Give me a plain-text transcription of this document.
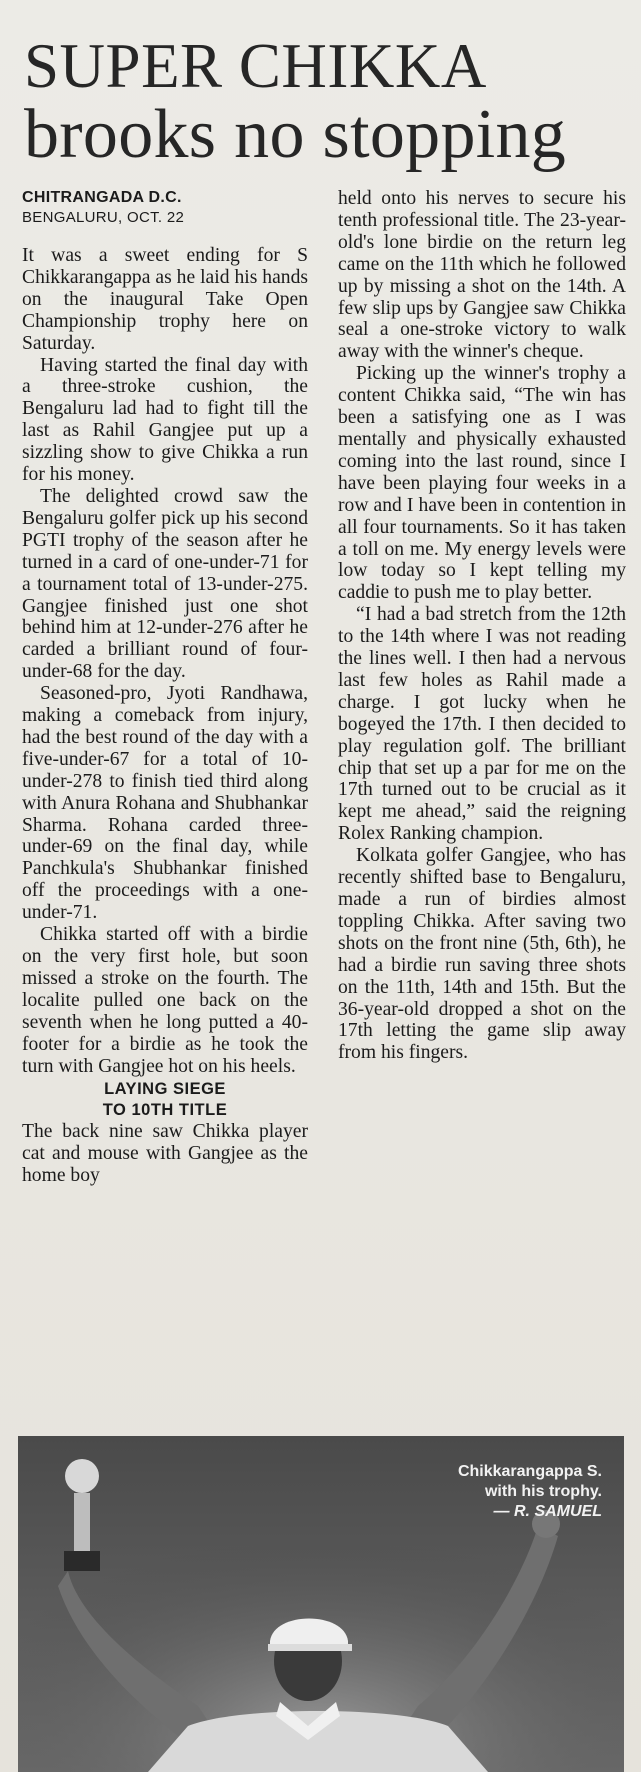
SUPER CHIKKA
brooks no stopping
CHITRANGADA D.C.
BENGALURU, OCT. 22

It was a sweet ending for S Chikkarangappa as he laid his hands on the inaugural Take Open Championship trophy here on Saturday.

Having started the final day with a three-stroke cushion, the Bengaluru lad had to fight till the last as Rahil Gangjee put up a sizzling show to give Chikka a run for his money.

The delighted crowd saw the Bengaluru golfer pick up his second PGTI trophy of the season after he turned in a card of one-under-71 for a tournament total of 13-under-275. Gangjee finished just one shot behind him at 12-under-276 after he carded a brilliant round of four-under-68 for the day.

Seasoned-pro, Jyoti Randhawa, making a comeback from injury, had the best round of the day with a five-under-67 for a total of 10-under-278 to finish tied third along with Anura Rohana and Shubhankar Sharma. Rohana carded three-under-69 on the final day, while Panchkula's Shubhankar finished off the proceedings with a one-under-71.

Chikka started off with a birdie on the very first hole, but soon missed a stroke on the fourth. The localite pulled one back on the seventh when he long putted a 40-footer for a birdie as he took the turn with Gangjee hot on his heels.

LAYING SIEGE

TO 10TH TITLE

The back nine saw Chikka player cat and mouse with Gangjee as the home boy

held onto his nerves to secure his tenth professional title. The 23-year-old's lone birdie on the return leg came on the 11th which he followed up by missing a shot on the 14th. A few slip ups by Gangjee saw Chikka seal a one-stroke victory to walk away with the winner's cheque.

Picking up the winner's trophy a content Chikka said, “The win has been a satisfying one as I was mentally and physically exhausted coming into the last round, since I have been playing four weeks in a row and I have been in contention in all four tournaments. So it has taken a toll on me. My energy levels were low today so I kept telling my caddie to push me to play better.

“I had a bad stretch from the 12th to the 14th where I was not reading the lines well. I then had a nervous last few holes as Rahil made a charge. I got lucky when he bogeyed the 17th. I then decided to play regulation golf. The brilliant chip that set up a par for me on the 17th turned out to be crucial as it kept me ahead,” said the reigning Rolex Ranking champion.

Kolkata golfer Gangjee, who has recently shifted base to Bengaluru, made a run of birdies almost toppling Chikka. After saving two shots on the front nine (5th, 6th), he had a birdie run saving three shots on the 11th, 14th and 15th. But the 36-year-old dropped a shot on the 17th letting the game slip away from his fingers.

Chikkarangappa S.
with his trophy.
— R. SAMUEL
